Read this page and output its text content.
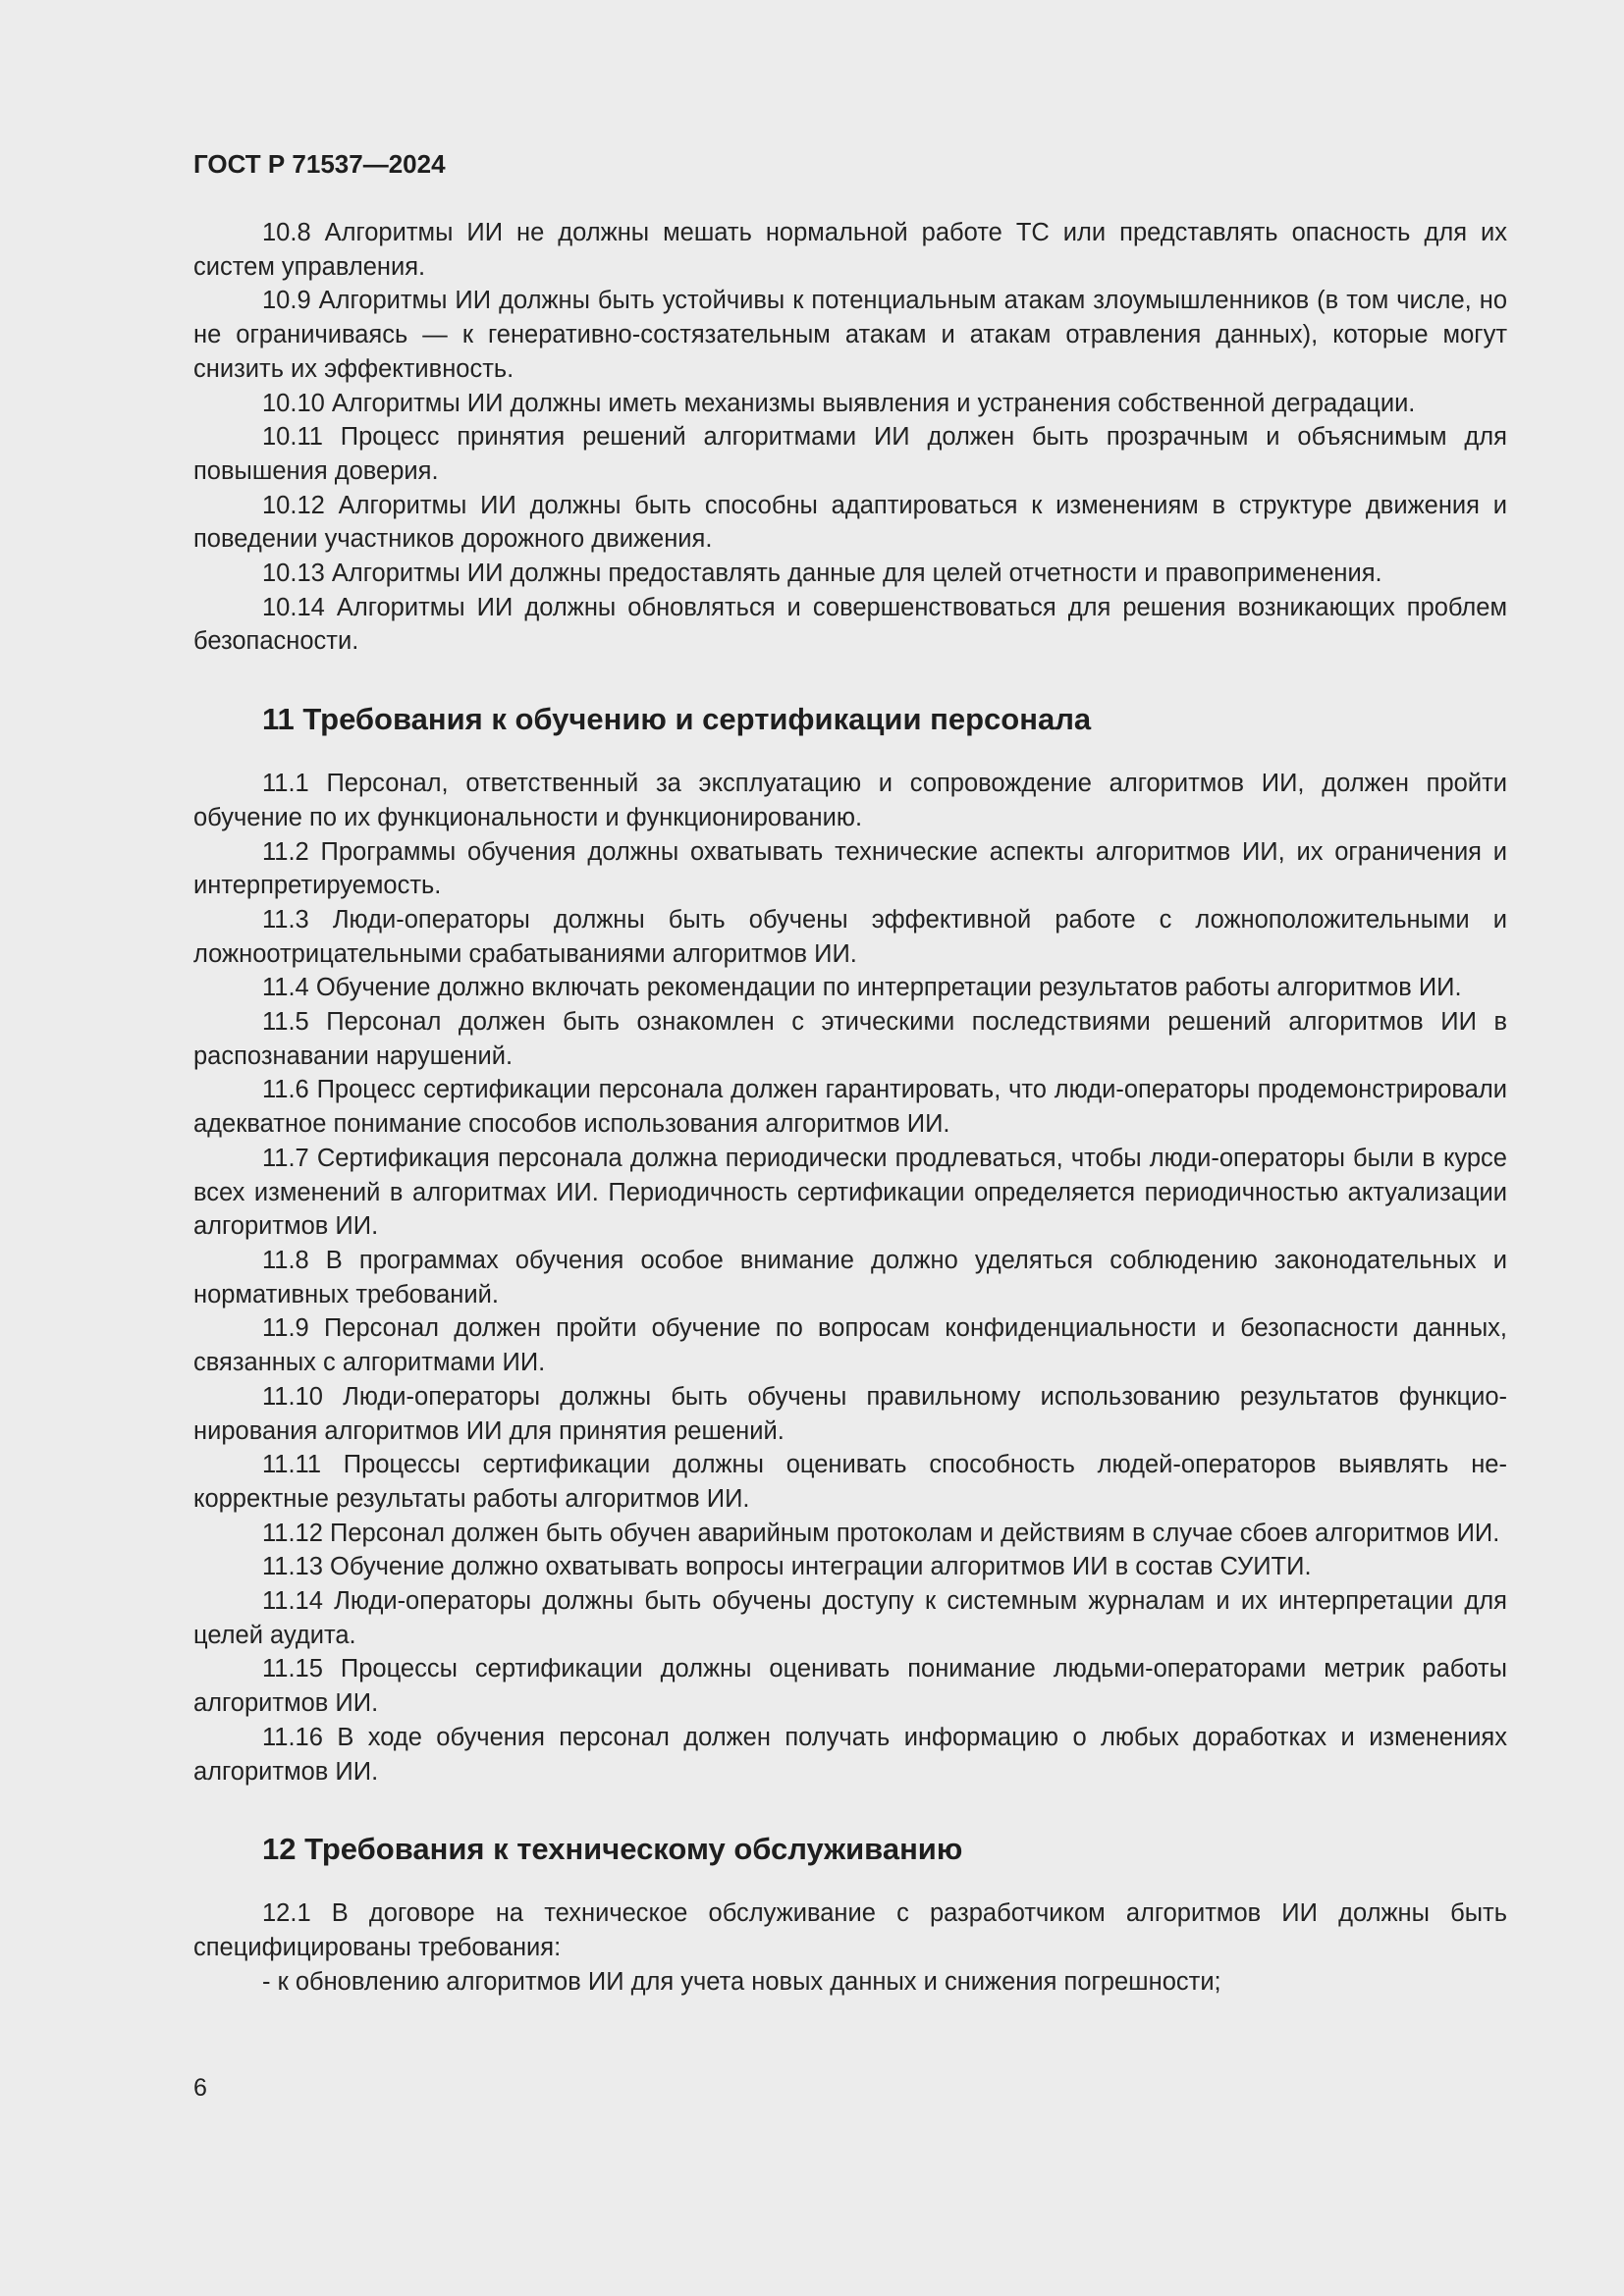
ГОСТ Р 71537—2024

10.8 Алгоритмы ИИ не должны мешать нормальной работе ТС или представлять опасность для их систем управления.

10.9 Алгоритмы ИИ должны быть устойчивы к потенциальным атакам злоумышленников (в том числе, но не ограничиваясь — к генеративно-состязательным атакам и атакам отравления данных), которые могут снизить их эффективность.

10.10 Алгоритмы ИИ должны иметь механизмы выявления и устранения собственной деградации.

10.11 Процесс принятия решений алгоритмами ИИ должен быть прозрачным и объяснимым для повышения доверия.

10.12 Алгоритмы ИИ должны быть способны адаптироваться к изменениям в структуре движения и поведении участников дорожного движения.

10.13 Алгоритмы ИИ должны предоставлять данные для целей отчетности и правоприменения.

10.14 Алгоритмы ИИ должны обновляться и совершенствоваться для решения возникающих проблем безопасности.

11 Требования к обучению и сертификации персонала

11.1 Персонал, ответственный за эксплуатацию и сопровождение алгоритмов ИИ, должен пройти обучение по их функциональности и функционированию.

11.2 Программы обучения должны охватывать технические аспекты алгоритмов ИИ, их ограничения и интерпретируемость.

11.3 Люди-операторы должны быть обучены эффективной работе с ложноположительными и ложноотрицательными срабатываниями алгоритмов ИИ.

11.4 Обучение должно включать рекомендации по интерпретации результатов работы алгоритмов ИИ.

11.5 Персонал должен быть ознакомлен с этическими последствиями решений алгоритмов ИИ в распознавании нарушений.

11.6 Процесс сертификации персонала должен гарантировать, что люди-операторы продемонстрировали адекватное понимание способов использования алгоритмов ИИ.

11.7 Сертификация персонала должна периодически продлеваться, чтобы люди-операторы были в курсе всех изменений в алгоритмах ИИ. Периодичность сертификации определяется периодичностью актуализации алгоритмов ИИ.

11.8 В программах обучения особое внимание должно уделяться соблюдению законодательных и нормативных требований.

11.9 Персонал должен пройти обучение по вопросам конфиденциальности и безопасности данных, связанных с алгоритмами ИИ.

11.10 Люди-операторы должны быть обучены правильному использованию результатов функционирования алгоритмов ИИ для принятия решений.

11.11 Процессы сертификации должны оценивать способность людей-операторов выявлять некорректные результаты работы алгоритмов ИИ.

11.12 Персонал должен быть обучен аварийным протоколам и действиям в случае сбоев алгоритмов ИИ.

11.13 Обучение должно охватывать вопросы интеграции алгоритмов ИИ в состав СУИТИ.

11.14 Люди-операторы должны быть обучены доступу к системным журналам и их интерпретации для целей аудита.

11.15 Процессы сертификации должны оценивать понимание людьми-операторами метрик работы алгоритмов ИИ.

11.16 В ходе обучения персонал должен получать информацию о любых доработках и изменениях алгоритмов ИИ.

12 Требования к техническому обслуживанию

12.1 В договоре на техническое обслуживание с разработчиком алгоритмов ИИ должны быть специфицированы требования:

- к обновлению алгоритмов ИИ для учета новых данных и снижения погрешности;

6
